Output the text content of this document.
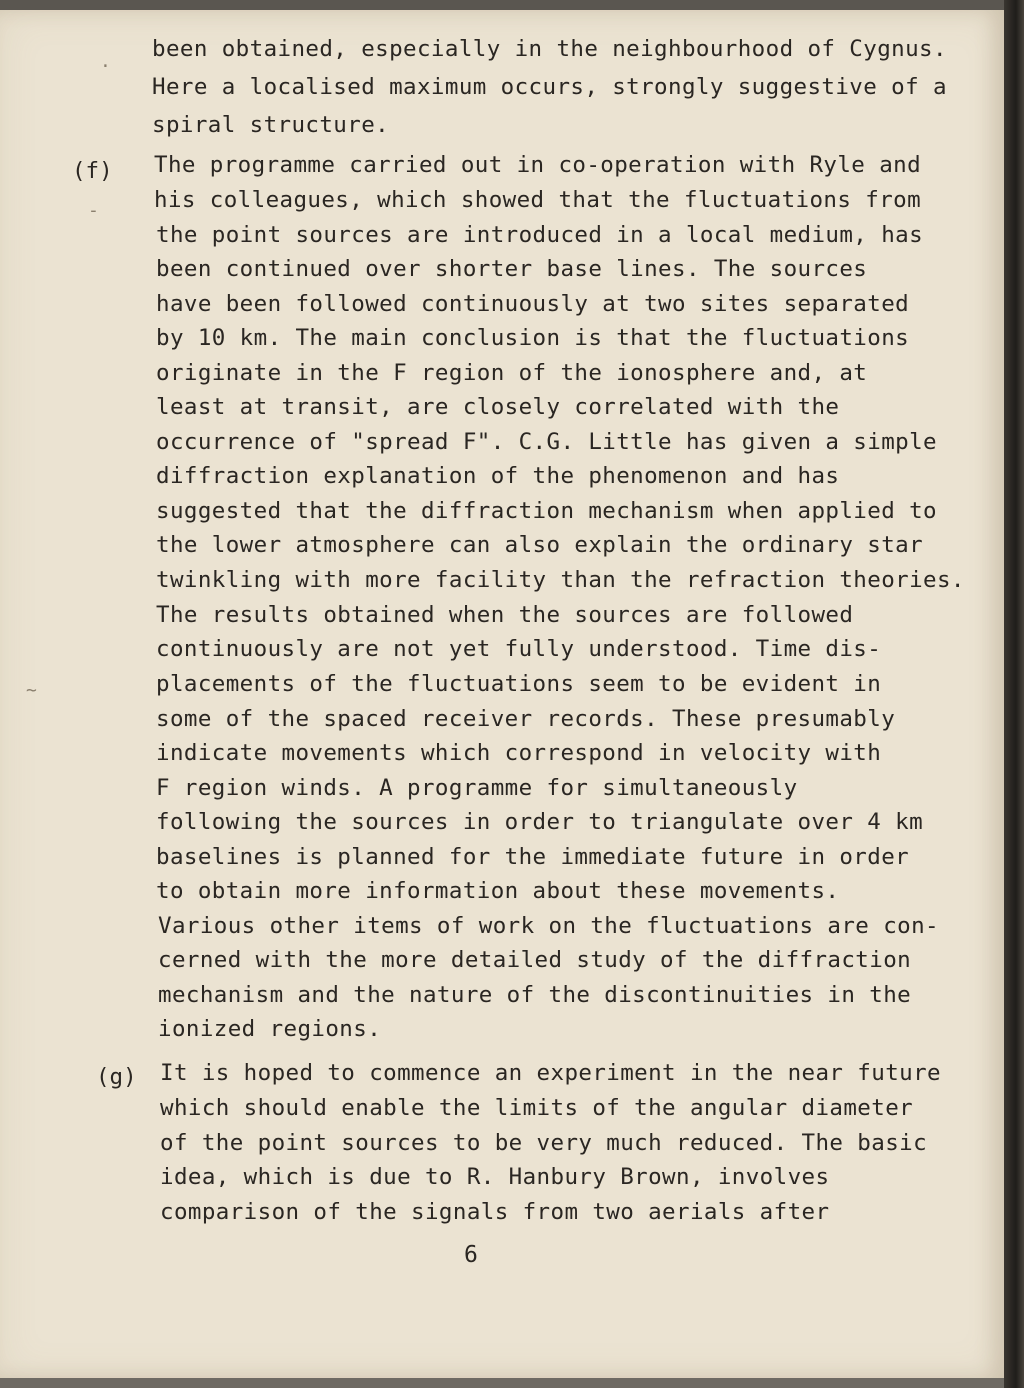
been obtained, especially in the neighbourhood of Cygnus.
Here a localised maximum occurs, strongly suggestive of a
spiral structure.
(f) The programme carried out in co-operation with Ryle and
his colleagues, which showed that the fluctuations from
the point sources are introduced in a local medium, has
been continued over shorter base lines. The sources
have been followed continuously at two sites separated
by 10 km. The main conclusion is that the fluctuations
originate in the F region of the ionosphere and, at
least at transit, are closely correlated with the
occurrence of "spread F". C.G. Little has given a simple
diffraction explanation of the phenomenon and has
suggested that the diffraction mechanism when applied to
the lower atmosphere can also explain the ordinary star
twinkling with more facility than the refraction theories.
The results obtained when the sources are followed
continuously are not yet fully understood. Time dis-
placements of the fluctuations seem to be evident in
some of the spaced receiver records. These presumably
indicate movements which correspond in velocity with
F region winds. A programme for simultaneously
following the sources in order to triangulate over 4 km
baselines is planned for the immediate future in order
to obtain more information about these movements.
Various other items of work on the fluctuations are con-
cerned with the more detailed study of the diffraction
mechanism and the nature of the discontinuities in the
ionized regions.
(g) It is hoped to commence an experiment in the near future
which should enable the limits of the angular diameter
of the point sources to be very much reduced. The basic
idea, which is due to R. Hanbury Brown, involves
comparison of the signals from two aerials after
6
·
-
~
